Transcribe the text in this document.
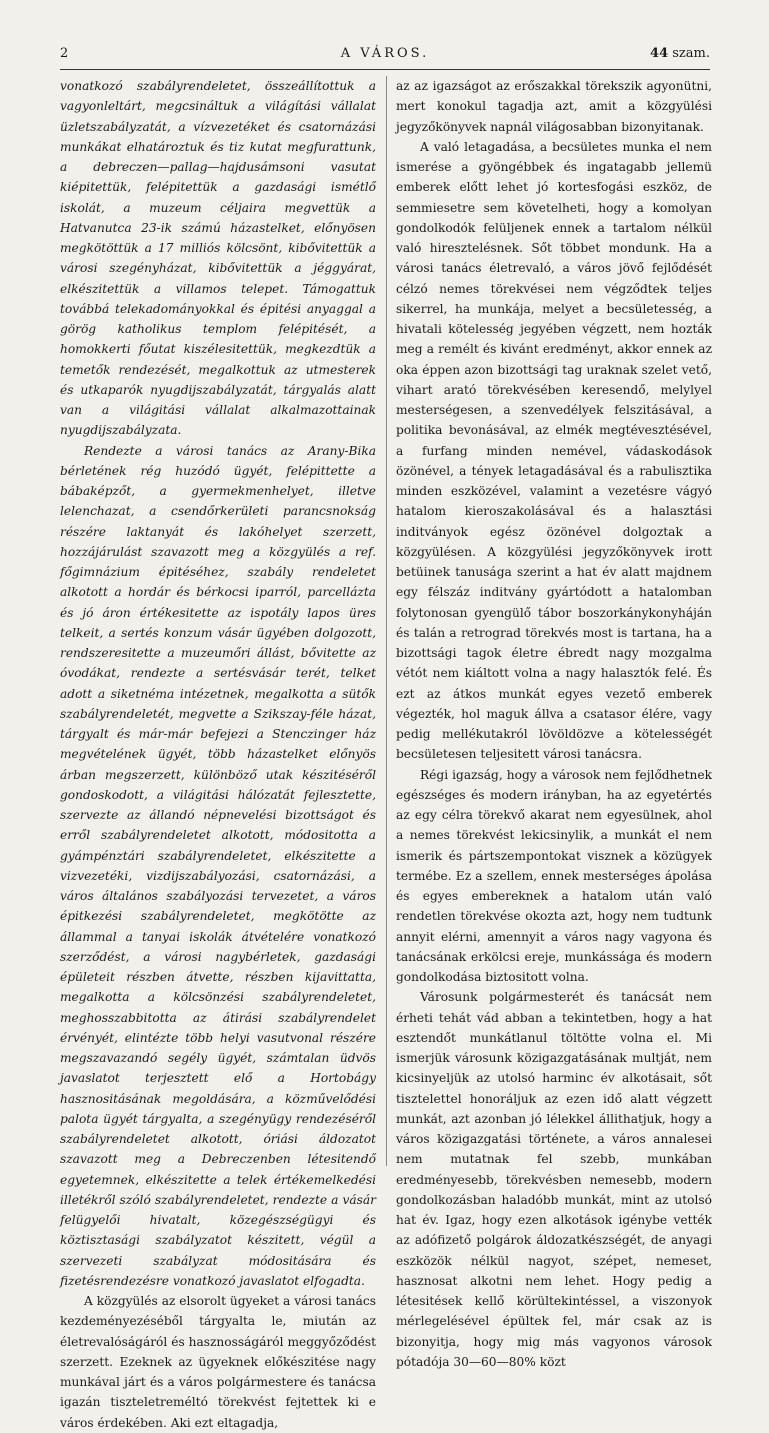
2	A VÁROS.	44 szam.

vonatkozó szabályrendeletet, összeállítottuk a vagyonleltárt, megcsináltuk a világítási vállalat üzletszabályzatát, a vízvezetéket és csatornázási munkákat elhatároztuk és tiz kutat megfurattunk, a debreczen—pallag—hajdusámsoni vasutat kiépitettük, felépitettük a gazdasági ismétlő iskolát, a muzeum céljaira megvettük a Hatvanutca 23-ik számú házastelket, előnyösen megkötöttük a 17 milliós kölcsönt, kibővitettük a városi szegényházat, kibővitettük a jéggyárat, elkészitettük a villamos telepet. Támogattuk továbbá telekadományokkal és épitési anyaggal a görög katholikus templom felépitését, a homokkerti főutat kiszélesitettük, megkezdtük a temetők rendezését, megalkottuk az utmesterek és utkaparók nyugdijszabályzatát, tárgyalás alatt van a világitási vállalat alkalmazottainak nyugdijszabályzata.

Rendezte a városi tanács az Arany-Bika bérletének rég huzódó ügyét, felépittette a bábaképzőt, a gyermekmenhelyet, illetve lelenchazat, a csendőrkerületi parancsnokság részére laktanyát és lakóhelyet szerzett, hozzájárulást szavazott meg a közgyülés a ref. főgimnázium épitéséhez, szabály rendeletet alkotott a hordár és bérkocsi iparról, parcellázta és jó áron értékesitette az ispotály lapos üres telkeit, a sertés konzum vásár ügyében dolgozott, rendszeresitette a muzeumőri állást, bővitette az óvodákat, rendezte a sertésvásár terét, telket adott a siketnéma intézetnek, megalkotta a sütők szabályrendeletét, megvette a Szikszay-féle házat, tárgyalt és már-már befejezi a Stenczinger ház megvételének ügyét, több házastelket előnyös árban megszerzett, különböző utak készitéséről gondoskodott, a világitási hálózatát fejlesztette, szervezte az állandó népnevelési bizottságot és erről szabályrendeletet alkotott, módositotta a gyámpénztári szabályrendeletet, elkészitette a vizvezetéki, vizdijszabályozási, csatornázási, a város általános szabályozási tervezetet, a város épitkezési szabályrendeletet, megkötötte az állammal a tanyai iskolák átvételére vonatkozó szerződést, a városi nagybérletek, gazdasági épületeit részben átvette, részben kijavittatta, megalkotta a kölcsönzési szabályrendeletet, meghosszabbitotta az átirási szabályrendelet érvényét, elintézte több helyi vasutvonal részére megszavazandó segély ügyét, számtalan üdvös javaslatot terjesztett elő a Hortobágy hasznositásának megoldására, a közművelődési palota ügyét tárgyalta, a szegényügy rendezéséről szabályrendeletet alkotott, óriási áldozatot szavazott meg a Debreczenben létesitendő egyetemnek, elkészitette a telek értékemelkedési illetékről szóló szabályrendeletet, rendezte a vásár felügyelői hivatalt, közegészségügyi és köztisztasági szabályzatot készitett, végül a szervezeti szabályzat módositására és fizetésrendezésre vonatkozó javaslatot elfogadta.

A közgyülés az elsorolt ügyeket a városi tanács kezdeményezéséből tárgyalta le, miután az életrevalóságáról és hasznosságáról meggyőződést szerzett. Ezeknek az ügyeknek előkészitése nagy munkával járt és a város polgármestere és tanácsa igazán tiszteletreméltó törekvést fejtettek ki e város érdekében. Aki ezt eltagadja,

az az igazságot az erőszakkal törekszik agyonütni, mert konokul tagadja azt, amit a közgyülési jegyzőkönyvek napnál világosabban bizonyitanak.

A való letagadása, a becsületes munka el nem ismerése a gyöngébbek és ingatagabb jellemü emberek előtt lehet jó kortesfogási eszköz, de semmiesetre sem követelheti, hogy a komolyan gondolkodók felüljenek ennek a tartalom nélkül való hiresztelésnek. Sőt többet mondunk. Ha a városi tanács életrevaló, a város jövő fejlődését célzó nemes törekvései nem végződtek teljes sikerrel, ha munkája, melyet a becsületesség, a hivatali kötelesség jegyében végzett, nem hozták meg a remélt és kivánt eredményt, akkor ennek az oka éppen azon bizottsági tag uraknak szelet vető, vihart arató törekvésében keresendő, melylyel mesterségesen, a szenvedélyek felszitásával, a politika bevonásával, az elmék megtévesztésével, a furfang minden nemével, vádaskodások özönével, a tények letagadásával és a rabulisztika minden eszközével, valamint a vezetésre vágyó hatalom kieroszakolásával és a halasztási inditványok egész özönével dolgoztak a közgyülésen. A közgyülési jegyzőkönyvek irott betüinek tanusága szerint a hat év alatt majdnem egy félszáz inditvány gyártódott a hatalomban folytonosan gyengülő tábor boszorkánykonyháján és talán a retrograd törekvés most is tartana, ha a bizottsági tagok életre ébredt nagy mozgalma vétót nem kiáltott volna a nagy halasztók felé. És ezt az átkos munkát egyes vezető emberek végezték, hol maguk állva a csatasor élére, vagy pedig mellékutakról lövöldözve a kötelességét becsületesen teljesitett városi tanácsra.

Régi igazság, hogy a városok nem fejlődhetnek egészséges és modern irányban, ha az egyetértés az egy célra törekvő akarat nem egyesülnek, ahol a nemes törekvést lekicsinylik, a munkát el nem ismerik és pártszempontokat visznek a közügyek termébe. Ez a szellem, ennek mesterséges ápolása és egyes embereknek a hatalom után való rendetlen törekvése okozta azt, hogy nem tudtunk annyit elérni, amennyit a város nagy vagyona és tanácsának erkölcsi ereje, munkássága és modern gondolkodása biztositott volna.

Városunk polgármesterét és tanácsát nem érheti tehát vád abban a tekintetben, hogy a hat esztendőt munkátlanul töltötte volna el. Mi ismerjük városunk közigazgatásának multját, nem kicsinyeljük az utolsó harminc év alkotásait, sőt tisztelettel honoráljuk az ezen idő alatt végzett munkát, azt azonban jó lélekkel állithatjuk, hogy a város közigazgatási története, a város annalesei nem mutatnak fel szebb, munkában eredményesebb, törekvésben nemesebb, modern gondolkozásban haladóbb munkát, mint az utolsó hat év. Igaz, hogy ezen alkotások igénybe vették az adófizető polgárok áldozatkészségét, de anyagi eszközök nélkül nagyot, szépet, nemeset, hasznosat alkotni nem lehet. Hogy pedig a létesitések kellő körültekintéssel, a viszonyok mérlegelésével épültek fel, már csak az is bizonyitja, hogy mig más vagyonos városok pótadója 30—60—80% közt
